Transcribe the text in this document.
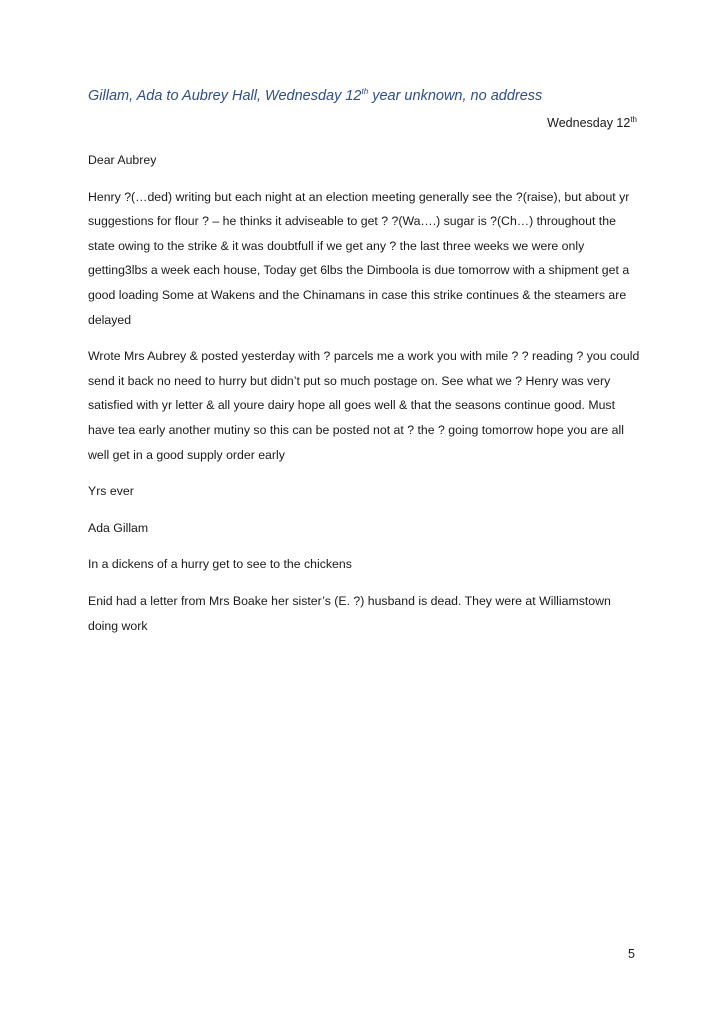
Gillam, Ada to Aubrey Hall, Wednesday 12th year unknown, no address
Wednesday 12th

Dear Aubrey

Henry ?(…ded) writing but each night at an election meeting generally see the ?(raise), but about yr suggestions for flour ? – he thinks it adviseable to get ? ?(Wa….) sugar is ?(Ch…) throughout the state owing to the strike & it was doubtfull if we get any ? the last three weeks we were only getting3lbs a week each house, Today get 6lbs the Dimboola is due tomorrow with a shipment get a good loading Some at Wakens and the Chinamans in case this strike continues & the steamers are delayed

Wrote Mrs Aubrey & posted yesterday with ? parcels me a work you with mile ? ? reading ? you could send it back no need to hurry but didn’t put so much postage on. See what we ? Henry was very satisfied with yr letter & all youre dairy hope all goes well & that the seasons continue good. Must have tea early another mutiny so this can be posted not at ? the ? going tomorrow hope you are all well get in a good supply order early

Yrs ever

Ada Gillam

In a dickens of a hurry get to see to the chickens

Enid had a letter from Mrs Boake her sister’s (E. ?) husband is dead. They were at Williamstown doing work

5
